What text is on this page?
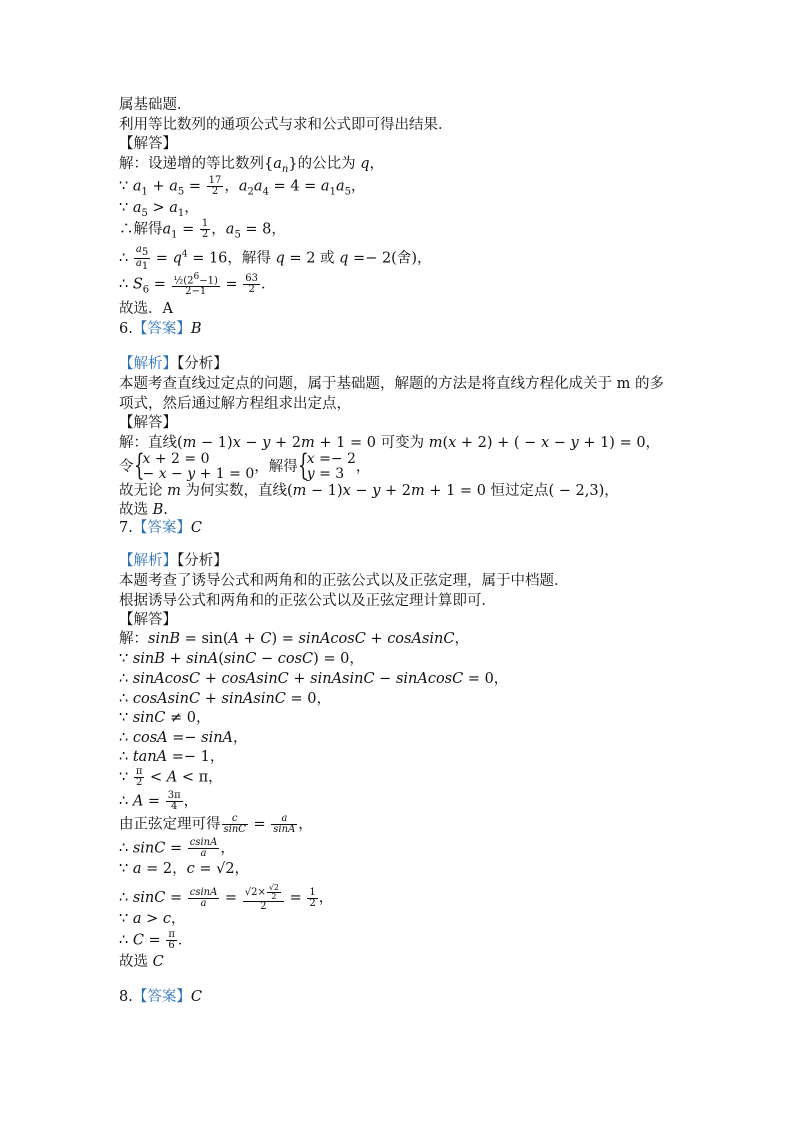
属基础题．
利用等比数列的通项公式与求和公式即可得出结果．
【解答】
解：设递增的等比数列$\{a_n\}$的公比为 q，
∵ $a_1 + a_5 = \frac{17}{2}$ ，$a_2a_4 = 4 = a_1a_5$，
∵ $a_5 > a_1$，
∴解得$a_1 = \frac{1}{2}$ ，$a_5 = 8$，
∴ $\frac{a_5}{a_1} = q^4 = 16$，解得 q = 2 或 q =− 2(舍)，
∴ $S_6 = \frac{\frac{1}{2}(2^6-1)}{2-1} = \frac{63}{2}$ ．
故选．A
6.【答案】B
【解析】【分析】
本题考查直线过定点的问题，属于基础题，解题的方法是将直线方程化成关于 m 的多
项式，然后通过解方程组求出定点，
【解答】
解：直线(m − 1)x − y + 2m + 1 = 0 可变为 m(x + 2) + ( − x − y + 1) = 0，
令 {
x + 2 = 0
− x − y + 1 = 0 ，解得 {
x =− 2
y = 3 ，
故无论 m 为何实数，直线(m − 1)x − y + 2m + 1 = 0 恒过定点( − 2,3)，
故选 B.
7.【答案】C
【解析】【分析】
本题考查了诱导公式和两角和的正弦公式以及正弦定理，属于中档题．
根据诱导公式和两角和的正弦公式以及正弦定理计算即可．
【解答】
解：sinB = sin(A + C) = sinAcosC + cosAsinC，
∵ sinB + sinA(sinC − cosC) = 0，
∴ sinAcosC + cosAsinC + sinAsinC − sinAcosC = 0，
∴ cosAsinC + sinAsinC = 0，
∵ sinC ≠ 0，
∴ cosA =− sinA，
∴ tanA =− 1，
∵ $\frac{\pi}{2} < A < \pi$，
∴ $A = \frac{3\pi}{4}$ ，
由正弦定理可得 $\frac{c}{\sin C} = \frac{a}{\sin A}$ ，
∴ $\sin C = \frac{csinA}{a}$ ，
∵ a = 2，c = √2，
∴ $\sin C = \frac{csinA}{a} = \frac{√2\times \frac{√2}{2}}{2} = \frac{1}{2}$ ，
∵ a > c，
∴ $C = \frac{\pi}{6}$ ．
故选 C
8.【答案】C
